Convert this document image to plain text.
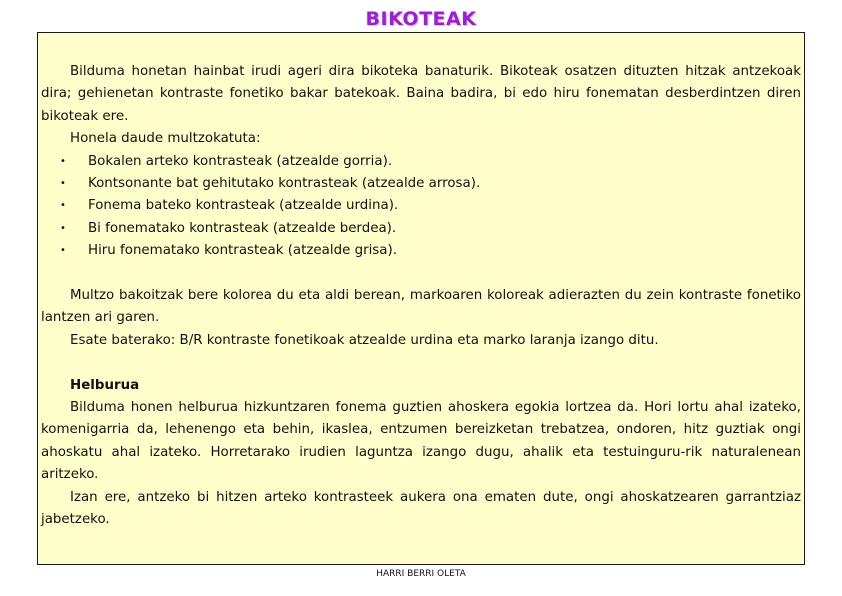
BIKOTEAK

Bilduma honetan hainbat irudi ageri dira bikoteka banaturik. Bikoteak osatzen dituzten hitzak antzekoak dira; gehienetan kontraste fonetiko bakar batekoak. Baina badira, bi edo hiru fonematan desberdintzen diren bikoteak ere.

Honela daude multzokatuta:

• Bokalen arteko kontrasteak (atzealde gorria).
• Kontsonante bat gehitutako kontrasteak (atzealde arrosa).
• Fonema bateko kontrasteak (atzealde urdina).
• Bi fonematako kontrasteak (atzealde berdea).
• Hiru fonematako kontrasteak (atzealde grisa).

Multzo bakoitzak bere kolorea du eta aldi berean, markoaren koloreak adierazten du zein kontraste fonetiko lantzen ari garen.

Esate baterako: B/R kontraste fonetikoak atzealde urdina eta marko laranja izango ditu.

Helburua

Bilduma honen helburua hizkuntzaren fonema guztien ahoskera egokia lortzea da. Hori lortu ahal izateko, komenigarria da, lehenengo eta behin, ikaslea, entzumen bereizketan trebatzea, ondoren, hitz guztiak ongi ahoskatu ahal izateko. Horretarako irudien laguntza izango dugu, ahalik eta testuinguru-rik naturalenean aritzeko.

Izan ere, antzeko bi hitzen arteko kontrasteek aukera ona ematen dute, ongi ahoskatzearen garrantziaz jabetzeko.

HARRI BERRI OLETA
